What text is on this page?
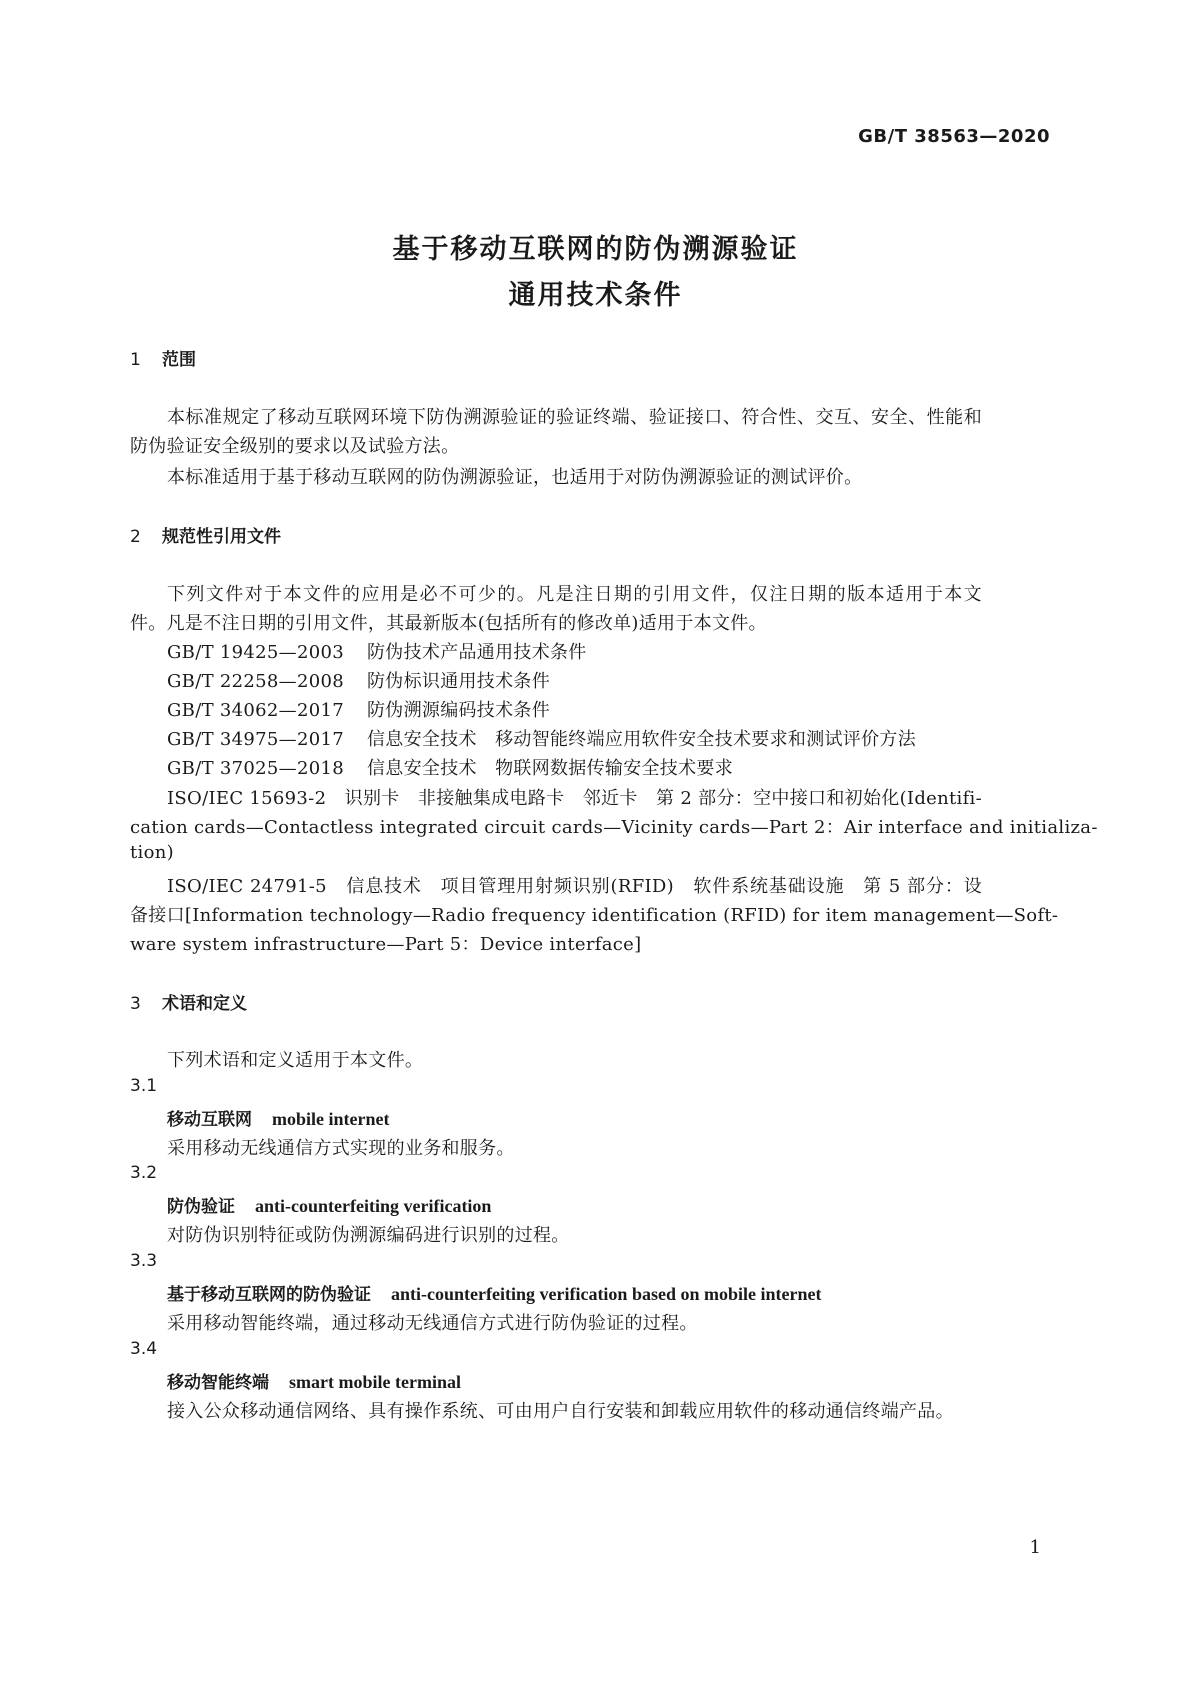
GB/T 38563—2020
基于移动互联网的防伪溯源验证
通用技术条件
1 范围
本标准规定了移动互联网环境下防伪溯源验证的验证终端、验证接口、符合性、交互、安全、性能和
防伪验证安全级别的要求以及试验方法。
本标准适用于基于移动互联网的防伪溯源验证，也适用于对防伪溯源验证的测试评价。
2 规范性引用文件
下列文件对于本文件的应用是必不可少的。凡是注日期的引用文件，仅注日期的版本适用于本文
件。凡是不注日期的引用文件，其最新版本(包括所有的修改单)适用于本文件。
GB/T 19425—2003 防伪技术产品通用技术条件
GB/T 22258—2008 防伪标识通用技术条件
GB/T 34062—2017 防伪溯源编码技术条件
GB/T 34975—2017 信息安全技术　移动智能终端应用软件安全技术要求和测试评价方法
GB/T 37025—2018 信息安全技术　物联网数据传输安全技术要求
ISO/IEC 15693-2　识别卡　非接触集成电路卡　邻近卡　第 2 部分：空中接口和初始化(Identifi-
cation cards—Contactless integrated circuit cards—Vicinity cards—Part 2：Air interface and initializa-
tion)
ISO/IEC 24791-5　信息技术　项目管理用射频识别(RFID)　软件系统基础设施　第 5 部分：设
备接口[Information technology—Radio frequency identification (RFID) for item management—Soft-
ware system infrastructure—Part 5：Device interface]
3 术语和定义
下列术语和定义适用于本文件。
3.1
移动互联网 mobile internet
采用移动无线通信方式实现的业务和服务。
3.2
防伪验证 anti-counterfeiting verification
对防伪识别特征或防伪溯源编码进行识别的过程。
3.3
基于移动互联网的防伪验证 anti-counterfeiting verification based on mobile internet
采用移动智能终端，通过移动无线通信方式进行防伪验证的过程。
3.4
移动智能终端 smart mobile terminal
接入公众移动通信网络、具有操作系统、可由用户自行安装和卸载应用软件的移动通信终端产品。
1
